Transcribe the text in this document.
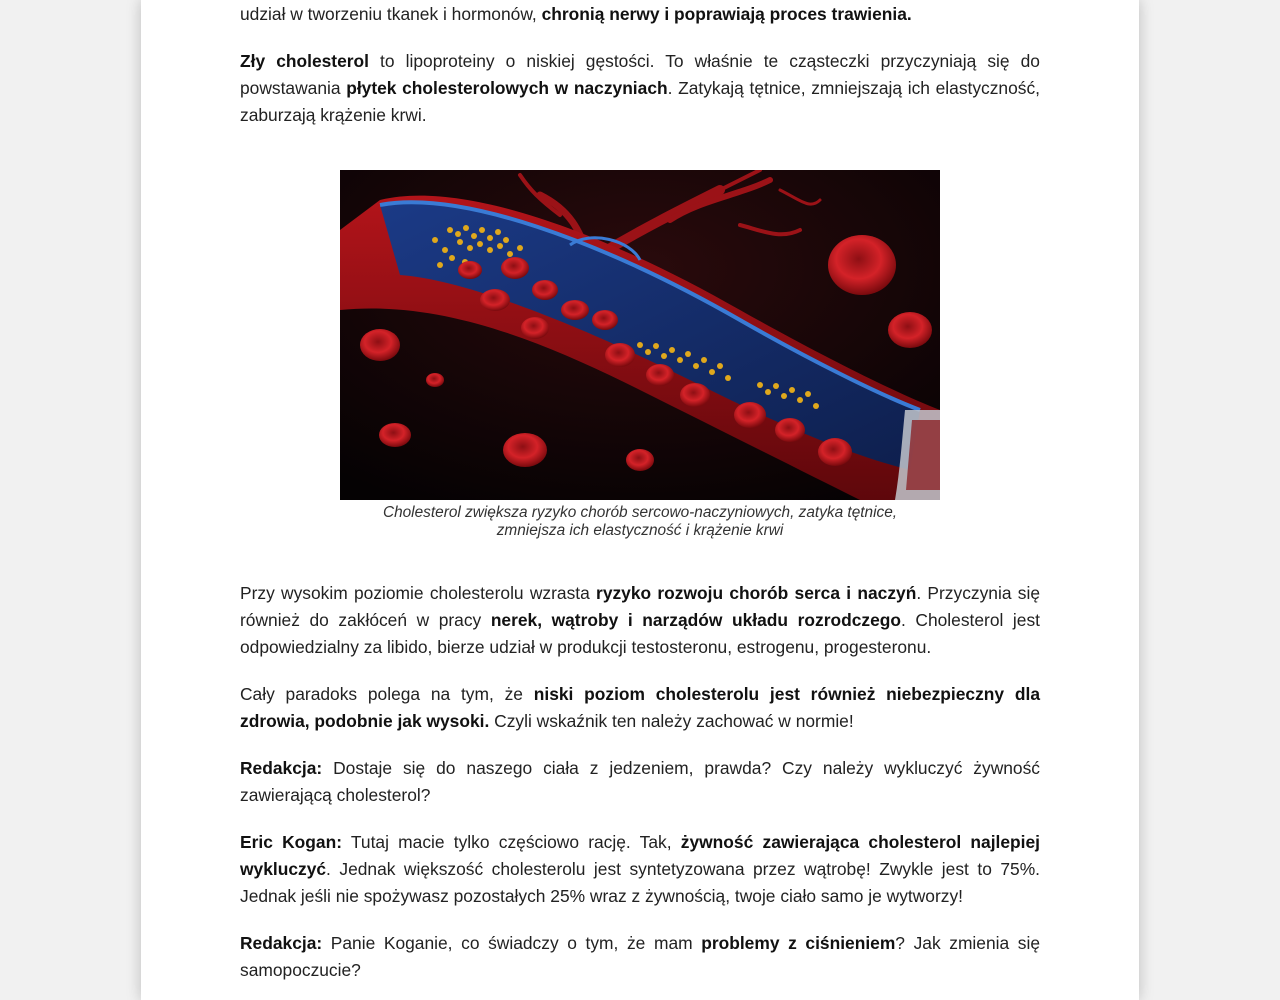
udział w tworzeniu tkanek i hormonów, chronią nerwy i poprawiają proces trawienia.

Zły cholesterol to lipoproteiny o niskiej gęstości. To właśnie te cząsteczki przyczyniają się do powstawania płytek cholesterolowych w naczyniach. Zatykają tętnice, zmniejszają ich elastyczność, zaburzają krążenie krwi.

Cholesterol zwiększa ryzyko chorób sercowo-naczyniowych, zatyka tętnice,
zmniejsza ich elastyczność i krążenie krwi

Przy wysokim poziomie cholesterolu wzrasta ryzyko rozwoju chorób serca i naczyń. Przyczynia się również do zakłóceń w pracy nerek, wątroby i narządów układu rozrodczego. Cholesterol jest odpowiedzialny za libido, bierze udział w produkcji testosteronu, estrogenu, progesteronu.

Cały paradoks polega na tym, że niski poziom cholesterolu jest również niebezpieczny dla zdrowia, podobnie jak wysoki. Czyli wskaźnik ten należy zachować w normie!

Redakcja: Dostaje się do naszego ciała z jedzeniem, prawda? Czy należy wykluczyć żywność zawierającą cholesterol?

Eric Kogan: Tutaj macie tylko częściowo rację. Tak, żywność zawierająca cholesterol najlepiej wykluczyć. Jednak większość cholesterolu jest syntetyzowana przez wątrobę! Zwykle jest to 75%. Jednak jeśli nie spożywasz pozostałych 25% wraz z żywnością, twoje ciało samo je wytworzy!

Redakcja: Panie Koganie, co świadczy o tym, że mam problemy z ciśnieniem? Jak zmienia się samopoczucie?
